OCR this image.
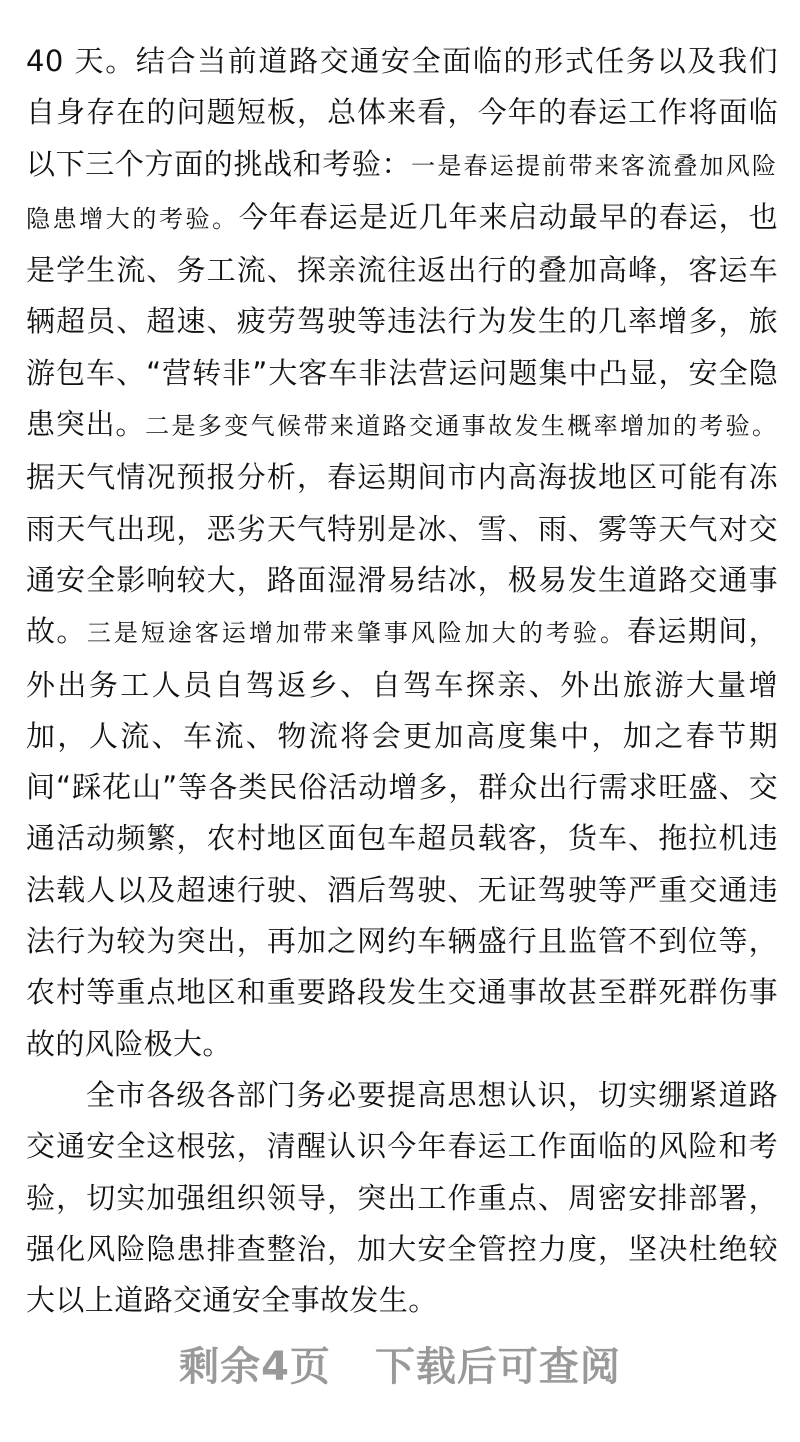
40 天。结合当前道路交通安全面临的形式任务以及我们自身存在的问题短板，总体来看，今年的春运工作将面临以下三个方面的挑战和考验：一是春运提前带来客流叠加风险隐患增大的考验。今年春运是近几年来启动最早的春运，也是学生流、务工流、探亲流往返出行的叠加高峰，客运车辆超员、超速、疲劳驾驶等违法行为发生的几率增多，旅游包车、“营转非”大客车非法营运问题集中凸显，安全隐患突出。二是多变气候带来道路交通事故发生概率增加的考验。据天气情况预报分析，春运期间市内高海拔地区可能有冻雨天气出现，恶劣天气特别是冰、雪、雨、雾等天气对交通安全影响较大，路面湿滑易结冰，极易发生道路交通事故。三是短途客运增加带来肇事风险加大的考验。春运期间，外出务工人员自驾返乡、自驾车探亲、外出旅游大量增加，人流、车流、物流将会更加高度集中，加之春节期间“踩花山”等各类民俗活动增多，群众出行需求旺盛、交通活动频繁，农村地区面包车超员载客，货车、拖拉机违法载人以及超速行驶、酒后驾驶、无证驾驶等严重交通违法行为较为突出，再加之网约车辆盛行且监管不到位等，农村等重点地区和重要路段发生交通事故甚至群死群伤事故的风险极大。

全市各级各部门务必要提高思想认识，切实绷紧道路交通安全这根弦，清醒认识今年春运工作面临的风险和考验，切实加强组织领导，突出工作重点、周密安排部署，强化风险隐患排查整治，加大安全管控力度，坚决杜绝较大以上道路交通安全事故发生。

剩余4页 下载后可查阅
